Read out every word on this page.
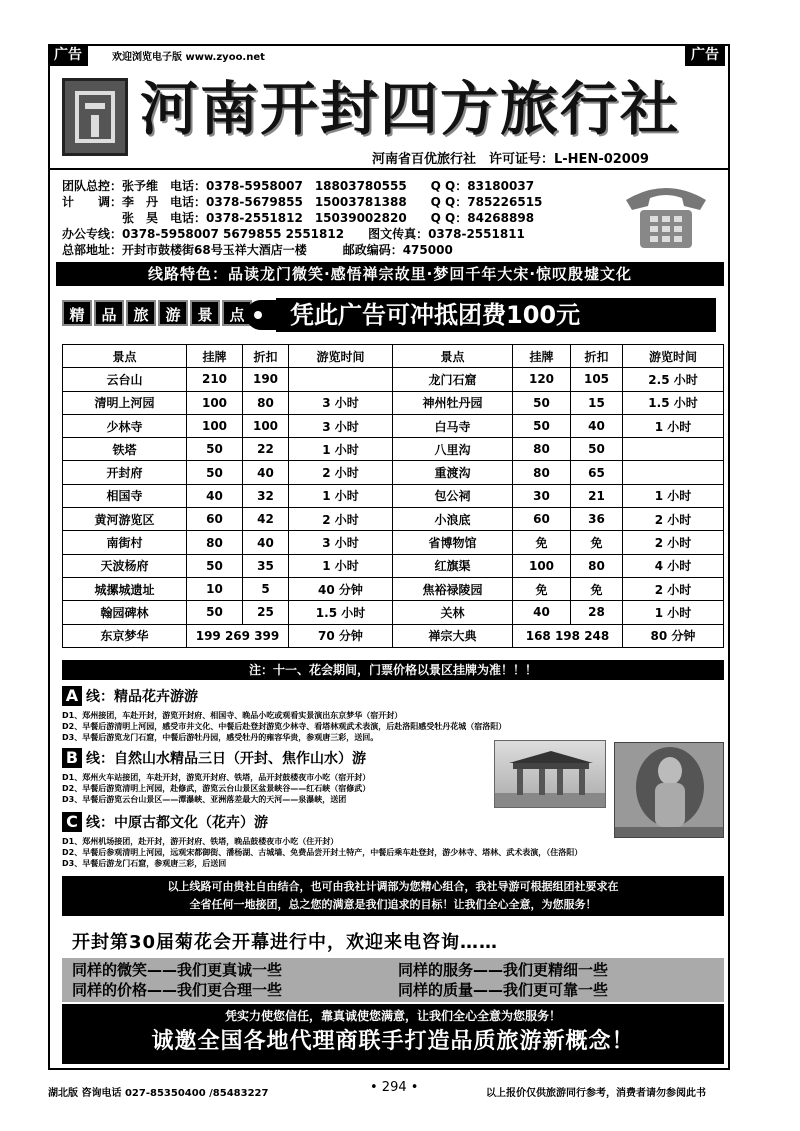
广告	广告
欢迎浏览电子版 www.zyoo.net
河南开封四方旅行社
河南省百优旅行社　许可证号：L-HEN-02009
团队总控：张予维　电话：0378-5958007　18803780555　　Q Q：83180037
计　　调：李　丹　电话：0378-5679855　15003781388　　Q Q：785226515
　　　　　张　昊　电话：0378-2551812　15039002820　　Q Q：84268898
办公专线：0378-5958007 5679855 2551812　　图文传真：0378-2551811
总部地址：开封市鼓楼街68号玉祥大酒店一楼　　　邮政编码：475000
线路特色：品读龙门微笑·感悟禅宗故里·梦回千年大宋·惊叹殷墟文化
精	品	旅	游	景	点	凭此广告可冲抵团费100元
景点	挂牌	折扣	游览时间	景点	挂牌	折扣	游览时间
云台山	210	190		龙门石窟	120	105	2.5 小时
清明上河园	100	80	3 小时	神州牡丹园	50	15	1.5 小时
少林寺	100	100	3 小时	白马寺	50	40	1 小时
铁塔	50	22	1 小时	八里沟	80	50	
开封府	50	40	2 小时	重渡沟	80	65	
相国寺	40	32	1 小时	包公祠	30	21	1 小时
黄河游览区	60	42	2 小时	小浪底	60	36	2 小时
南街村	80	40	3 小时	省博物馆	免	免	2 小时
天波杨府	50	35	1 小时	红旗渠	100	80	4 小时
城摞城遗址	10	5	40 分钟	焦裕禄陵园	免	免	2 小时
翰园碑林	50	25	1.5 小时	关林	40	28	1 小时
东京梦华	199 269 399		70 分钟	禅宗大典	168 198 248		80 分钟
注：十一、花会期间，门票价格以景区挂牌为准！！！
A 线：精品花卉游游
D1、郑州接团，车赴开封，游览开封府、相国寺、晚品小吃或观看实景演出东京梦华（宿开封）
D2、早餐后游清明上河园，感受市井文化、中餐后赴登封游览少林寺、看塔林观武术表演，后赴洛阳感受牡丹花城（宿洛阳）
D3、早餐后游览龙门石窟，中餐后游牡丹园，感受牡丹的雍容华贵，参观唐三彩，送回。
B 线：自然山水精品三日（开封、焦作山水）游
D1、郑州火车站接团，车赴开封，游览开封府、铁塔，品开封鼓楼夜市小吃（宿开封）
D2、早餐后游览清明上河园，赴修武，游览云台山景区盆景峡谷——红石峡（宿修武）
D3、早餐后游览云台山景区——潭瀑峡、亚洲落差最大的天河——泉瀑峡，送团
C 线：中原古都文化（花卉）游
D1、郑州机场接团，赴开封，游开封府、铁塔，晚品鼓楼夜市小吃（住开封）
D2、早餐后参观清明上河园，远观宋都御街、潘杨湖、古城墙、免费品尝开封土特产，中餐后乘车赴登封，游少林寺、塔林、武术表演，（住洛阳）
D3、早餐后游龙门石窟，参观唐三彩，后送回
以上线路可由贵社自由结合，也可由我社计调部为您精心组合，我社导游可根据组团社要求在
全省任何一地接团，总之您的满意是我们追求的目标！让我们全心全意，为您服务！
开封第30届菊花会开幕进行中，欢迎来电咨询……
同样的微笑——我们更真诚一些	同样的服务——我们更精细一些
同样的价格——我们更合理一些	同样的质量——我们更可靠一些
凭实力使您信任，靠真诚使您满意，让我们全心全意为您服务！
诚邀全国各地代理商联手打造品质旅游新概念！
湖北版 咨询电话 027-85350400 /85483227	• 294 •	以上报价仅供旅游同行参考，消费者请勿参阅此书
